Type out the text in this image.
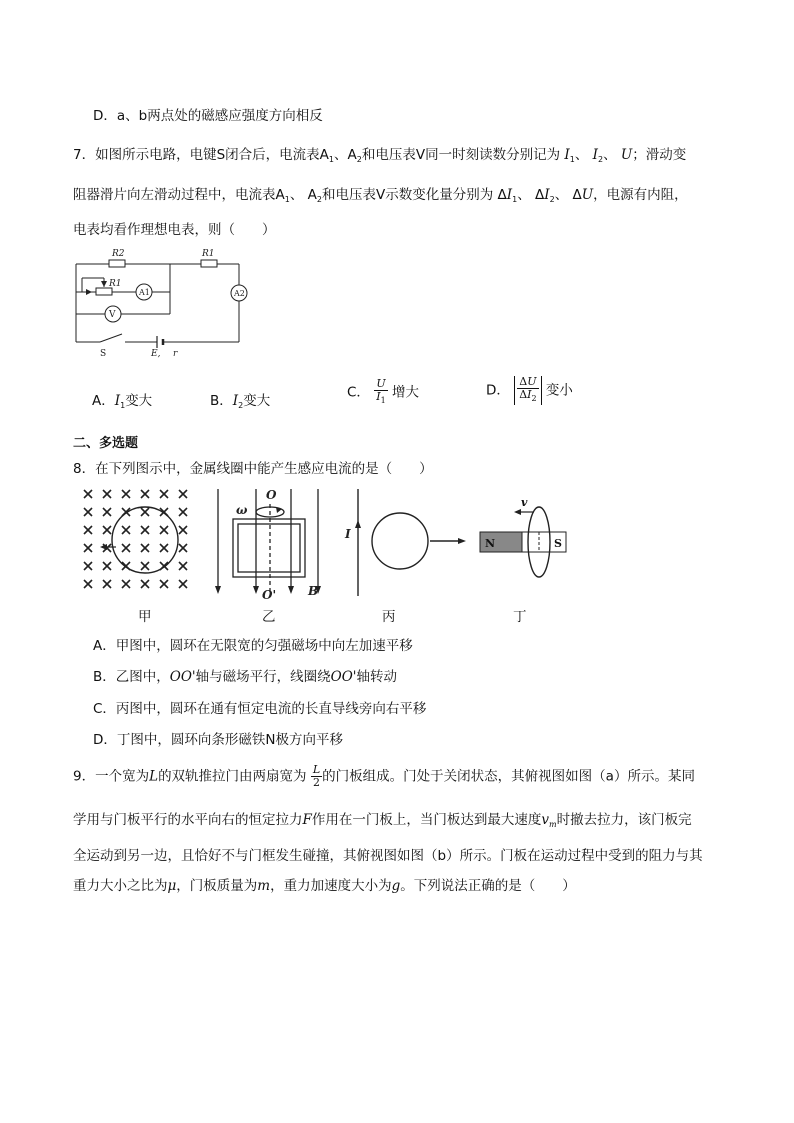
D．a、b两点处的磁感应强度方向相反
7．如图所示电路，电键S闭合后，电流表$A_1$、$A_2$和电压表V同一时刻读数分别记为 $I_1$、 $I_2$、 U；滑动变
阻器滑片向左滑动过程中，电流表$A_1$、 $A_2$和电压表V示数变化量分别为 $\Delta I_1$、 $\Delta I_2$、 ΔU，电源有内阻，
电表均看作理想电表，则（　　）
R2	R1
R1
A1	A2
V
S	E, r
A．$I_1$变大	B．$I_2$变大
C． $\frac{U}{I_1}$ 增大	D． $\frac{\Delta U}{\Delta I_2}$ 变小
二、多选题
8．在下列图示中，金属线圈中能产生感应电流的是（　　）
ω
O
O'	B
I
N	S
v
甲	乙	丙	丁
A．甲图中，圆环在无限宽的匀强磁场中向左加速平移
B．乙图中，OO'轴与磁场平行，线圈绕OO'轴转动
C．丙图中，圆环在通有恒定电流的长直导线旁向右平移
D．丁图中，圆环向条形磁铁N极方向平移
9．一个宽为L的双轨推拉门由两扇宽为 $\frac{L}{2}$ 的门板组成。门处于关闭状态，其俯视图如图（a）所示。某同
学用与门板平行的水平向右的恒定拉力F作用在一门板上，当门板达到最大速度$v_m$时撤去拉力，该门板完
全运动到另一边，且恰好不与门框发生碰撞，其俯视图如图（b）所示。门板在运动过程中受到的阻力与其
重力大小之比为μ，门板质量为m，重力加速度大小为g。下列说法正确的是（　　）
